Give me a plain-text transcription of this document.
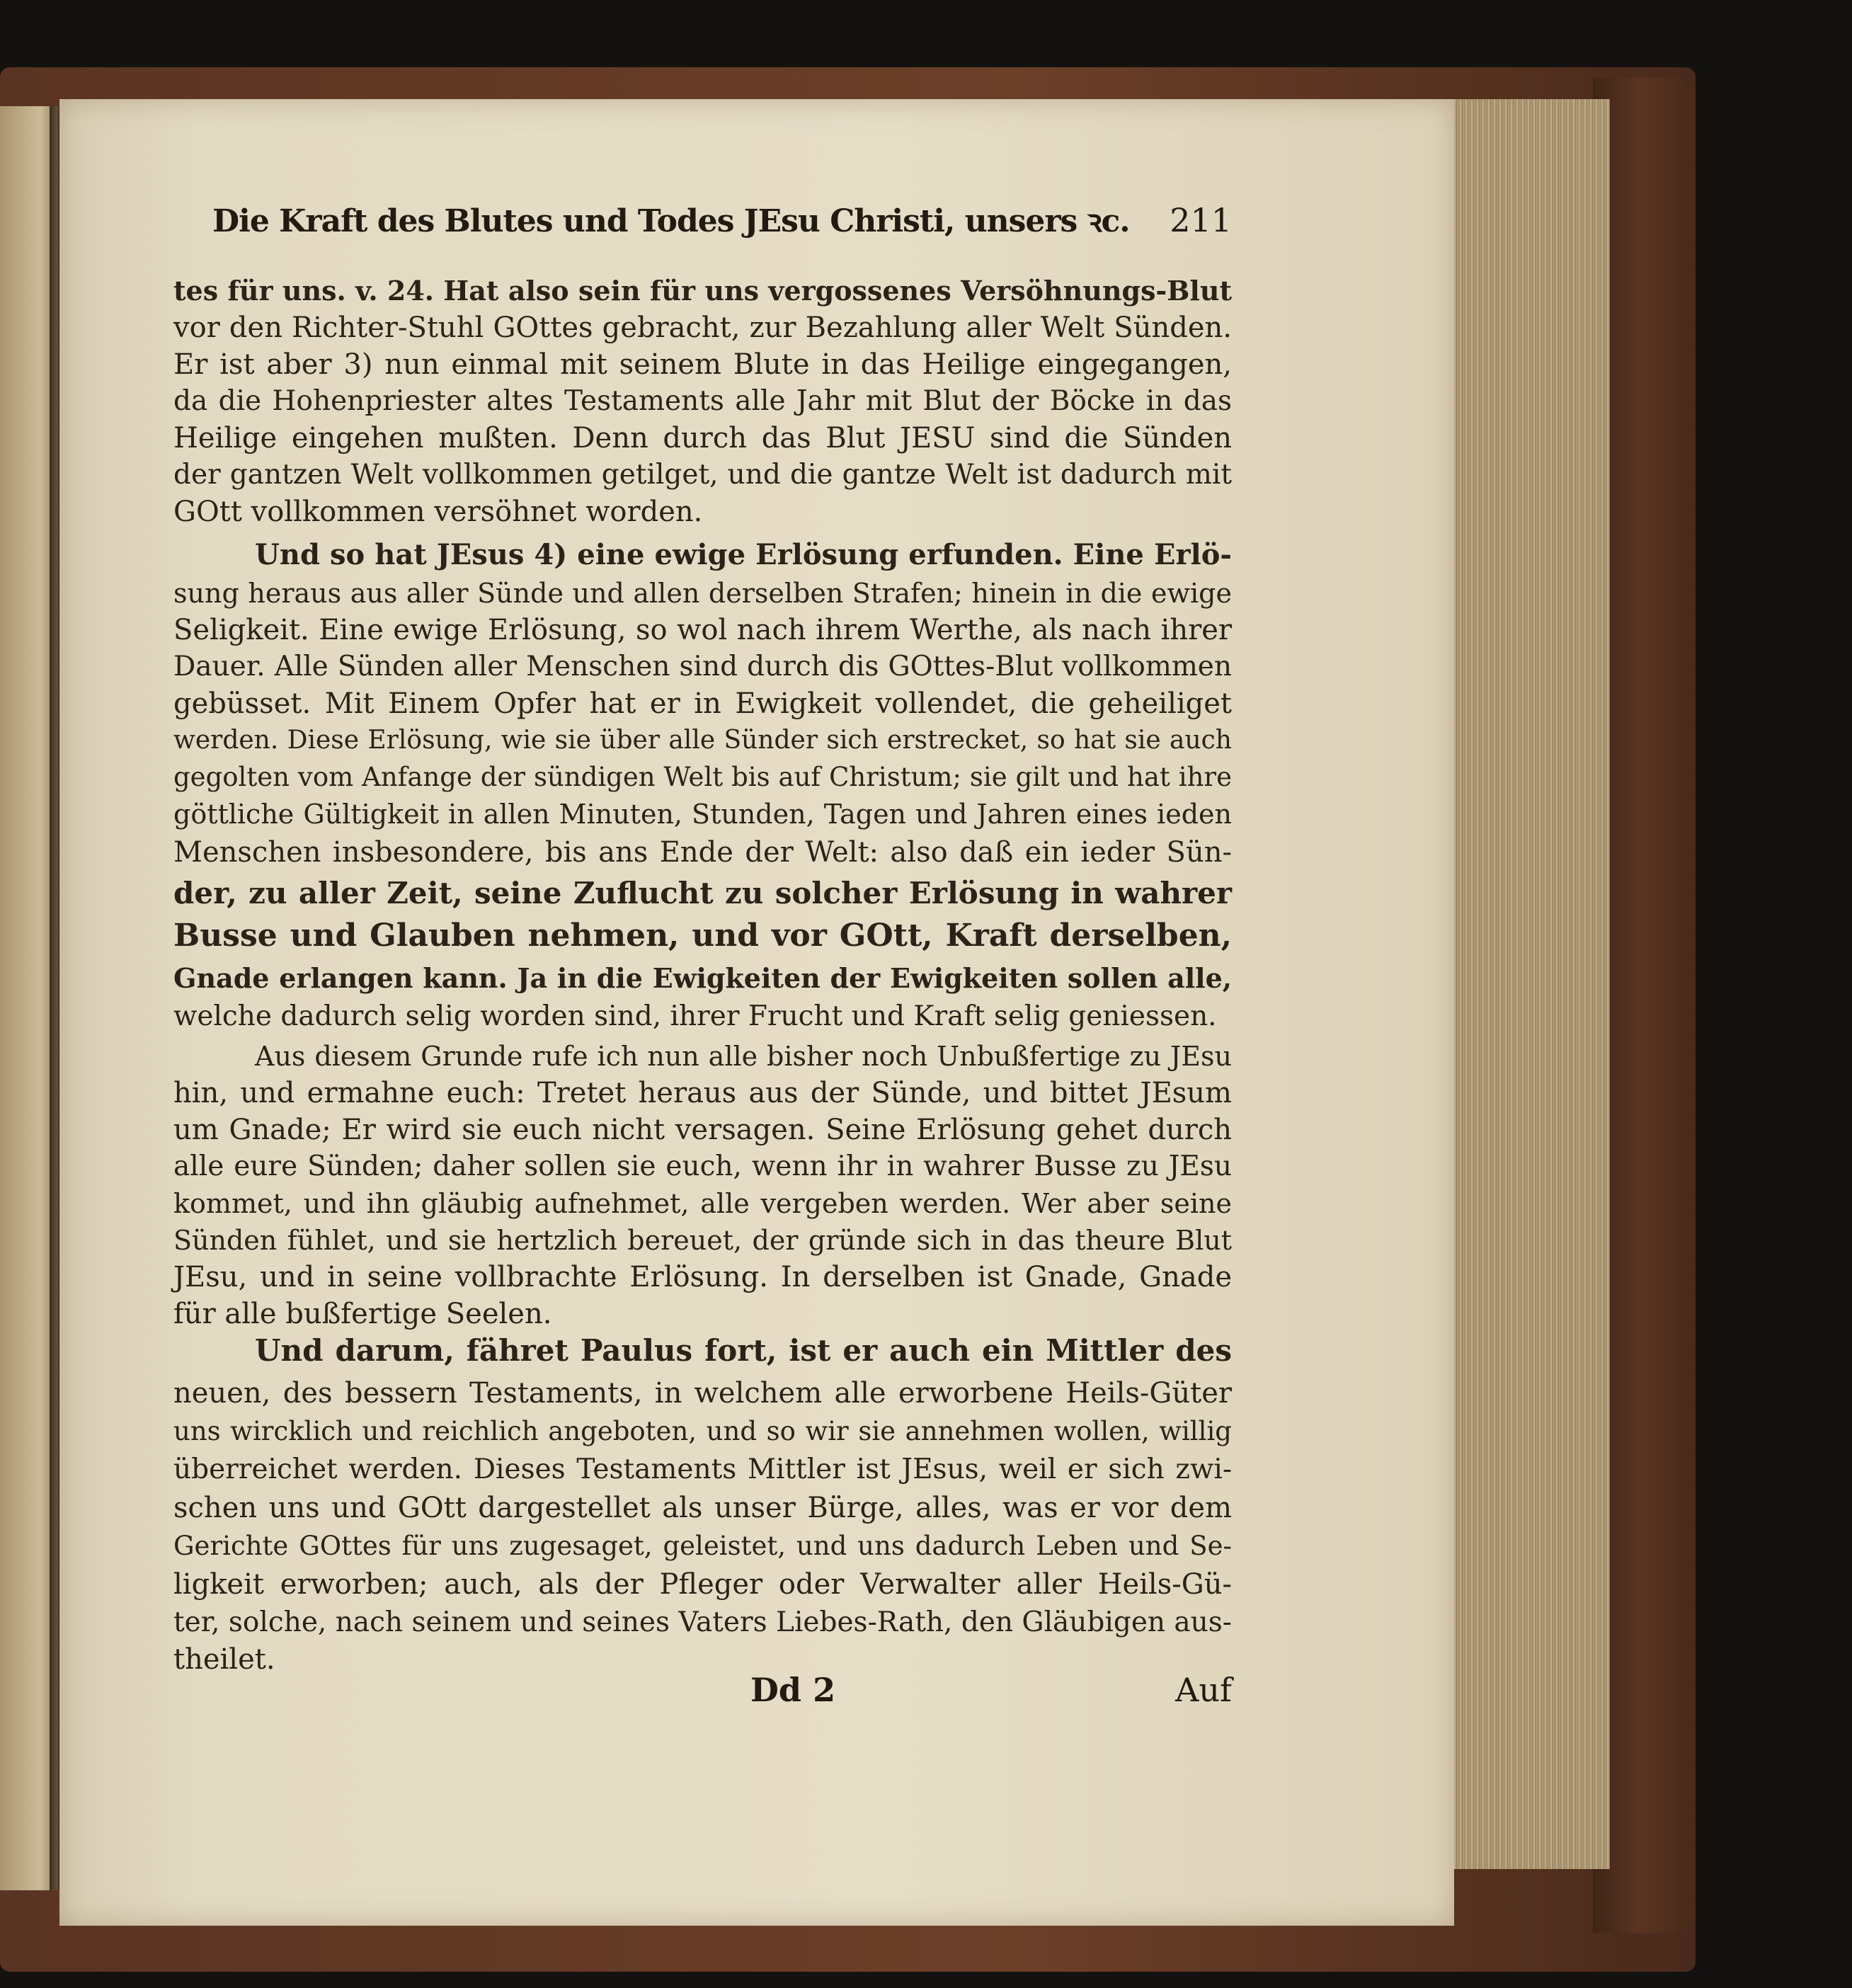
Die Kraft des Blutes und Todes JEsu Christi, unsers ꝛc. 211
tes für uns. v. 24. Hat also sein für uns vergossenes Versöhnungs-Blut
vor den Richter-Stuhl GOttes gebracht, zur Bezahlung aller Welt Sünden.
Er ist aber 3) nun einmal mit seinem Blute in das Heilige eingegangen,
da die Hohenpriester altes Testaments alle Jahr mit Blut der Böcke in das
Heilige eingehen mußten. Denn durch das Blut JESU sind die Sünden
der gantzen Welt vollkommen getilget, und die gantze Welt ist dadurch mit
GOtt vollkommen versöhnet worden.
Und so hat JEsus 4) eine ewige Erlösung erfunden. Eine Erlö-
sung heraus aus aller Sünde und allen derselben Strafen; hinein in die ewige
Seligkeit. Eine ewige Erlösung, so wol nach ihrem Werthe, als nach ihrer
Dauer. Alle Sünden aller Menschen sind durch dis GOttes-Blut vollkommen
gebüsset. Mit Einem Opfer hat er in Ewigkeit vollendet, die geheiliget
werden. Diese Erlösung, wie sie über alle Sünder sich erstrecket, so hat sie auch
gegolten vom Anfange der sündigen Welt bis auf Christum; sie gilt und hat ihre
göttliche Gültigkeit in allen Minuten, Stunden, Tagen und Jahren eines ieden
Menschen insbesondere, bis ans Ende der Welt: also daß ein ieder Sün-
der, zu aller Zeit, seine Zuflucht zu solcher Erlösung in wahrer
Busse und Glauben nehmen, und vor GOtt, Kraft derselben,
Gnade erlangen kann. Ja in die Ewigkeiten der Ewigkeiten sollen alle,
welche dadurch selig worden sind, ihrer Frucht und Kraft selig geniessen.
Aus diesem Grunde rufe ich nun alle bisher noch Unbußfertige zu JEsu
hin, und ermahne euch: Tretet heraus aus der Sünde, und bittet JEsum
um Gnade; Er wird sie euch nicht versagen. Seine Erlösung gehet durch
alle eure Sünden; daher sollen sie euch, wenn ihr in wahrer Busse zu JEsu
kommet, und ihn gläubig aufnehmet, alle vergeben werden. Wer aber seine
Sünden fühlet, und sie hertzlich bereuet, der gründe sich in das theure Blut
JEsu, und in seine vollbrachte Erlösung. In derselben ist Gnade, Gnade
für alle bußfertige Seelen.
Und darum, fähret Paulus fort, ist er auch ein Mittler des
neuen, des bessern Testaments, in welchem alle erworbene Heils-Güter
uns wircklich und reichlich angeboten, und so wir sie annehmen wollen, willig
überreichet werden. Dieses Testaments Mittler ist JEsus, weil er sich zwi-
schen uns und GOtt dargestellet als unser Bürge, alles, was er vor dem
Gerichte GOttes für uns zugesaget, geleistet, und uns dadurch Leben und Se-
ligkeit erworben; auch, als der Pfleger oder Verwalter aller Heils-Gü-
ter, solche, nach seinem und seines Vaters Liebes-Rath, den Gläubigen aus-
theilet.
Dd 2	Auf
